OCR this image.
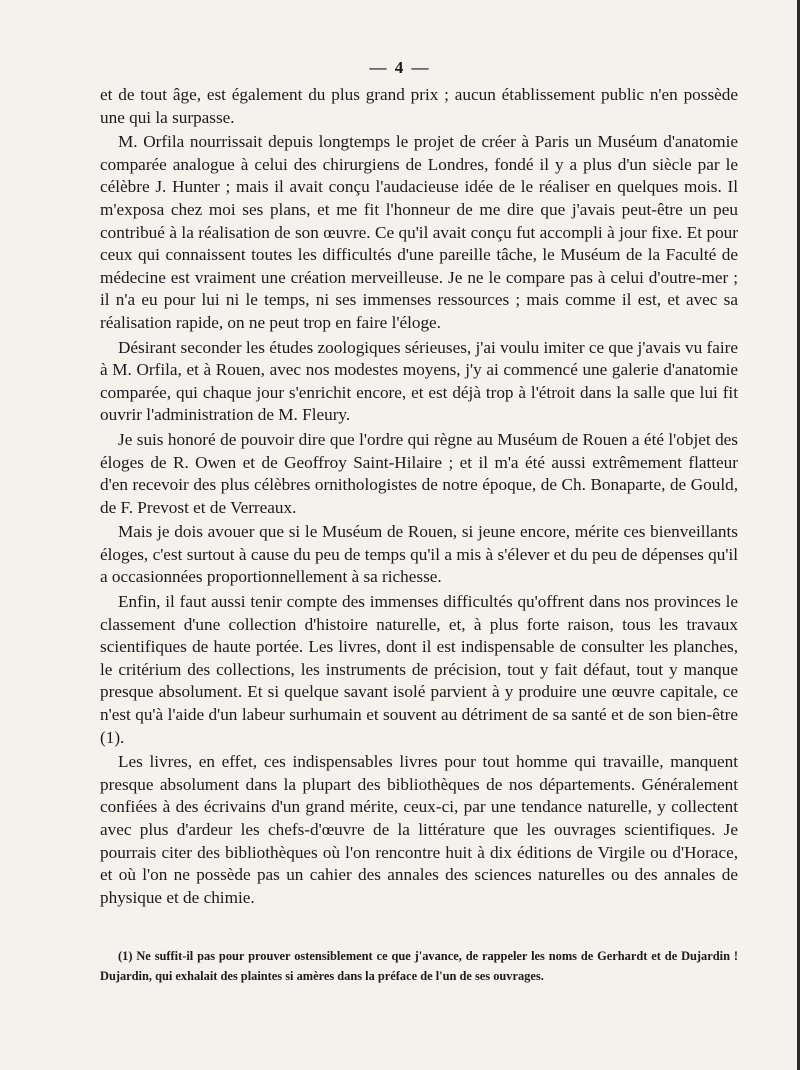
— 4 —

et de tout âge, est également du plus grand prix ; aucun établissement public n'en possède une qui la surpasse.

M. Orfila nourrissait depuis longtemps le projet de créer à Paris un Muséum d'anatomie comparée analogue à celui des chirurgiens de Londres, fondé il y a plus d'un siècle par le célèbre J. Hunter ; mais il avait conçu l'audacieuse idée de le réaliser en quelques mois. Il m'exposa chez moi ses plans, et me fit l'honneur de me dire que j'avais peut-être un peu contribué à la réalisation de son œuvre. Ce qu'il avait conçu fut accompli à jour fixe. Et pour ceux qui connaissent toutes les difficultés d'une pareille tâche, le Muséum de la Faculté de médecine est vraiment une création merveilleuse. Je ne le compare pas à celui d'outre-mer ; il n'a eu pour lui ni le temps, ni ses immenses ressources ; mais comme il est, et avec sa réalisation rapide, on ne peut trop en faire l'éloge.

Désirant seconder les études zoologiques sérieuses, j'ai voulu imiter ce que j'avais vu faire à M. Orfila, et à Rouen, avec nos modestes moyens, j'y ai commencé une galerie d'anatomie comparée, qui chaque jour s'enrichit encore, et est déjà trop à l'étroit dans la salle que lui fit ouvrir l'administration de M. Fleury.

Je suis honoré de pouvoir dire que l'ordre qui règne au Muséum de Rouen a été l'objet des éloges de R. Owen et de Geoffroy Saint-Hilaire ; et il m'a été aussi extrêmement flatteur d'en recevoir des plus célèbres ornithologistes de notre époque, de Ch. Bonaparte, de Gould, de F. Prevost et de Verreaux.

Mais je dois avouer que si le Muséum de Rouen, si jeune encore, mérite ces bienveillants éloges, c'est surtout à cause du peu de temps qu'il a mis à s'élever et du peu de dépenses qu'il a occasionnées proportionnellement à sa richesse.

Enfin, il faut aussi tenir compte des immenses difficultés qu'offrent dans nos provinces le classement d'une collection d'histoire naturelle, et, à plus forte raison, tous les travaux scientifiques de haute portée. Les livres, dont il est indispensable de consulter les planches, le critérium des collections, les instruments de précision, tout y fait défaut, tout y manque presque absolument. Et si quelque savant isolé parvient à y produire une œuvre capitale, ce n'est qu'à l'aide d'un labeur surhumain et souvent au détriment de sa santé et de son bien-être (1).

Les livres, en effet, ces indispensables livres pour tout homme qui travaille, manquent presque absolument dans la plupart des bibliothèques de nos départements. Généralement confiées à des écrivains d'un grand mérite, ceux-ci, par une tendance naturelle, y collectent avec plus d'ardeur les chefs-d'œuvre de la littérature que les ouvrages scientifiques. Je pourrais citer des bibliothèques où l'on rencontre huit à dix éditions de Virgile ou d'Horace, et où l'on ne possède pas un cahier des annales des sciences naturelles ou des annales de physique et de chimie.

(1) Ne suffit-il pas pour prouver ostensiblement ce que j'avance, de rappeler les noms de Gerhardt et de Dujardin ! Dujardin, qui exhalait des plaintes si amères dans la préface de l'un de ses ouvrages.
